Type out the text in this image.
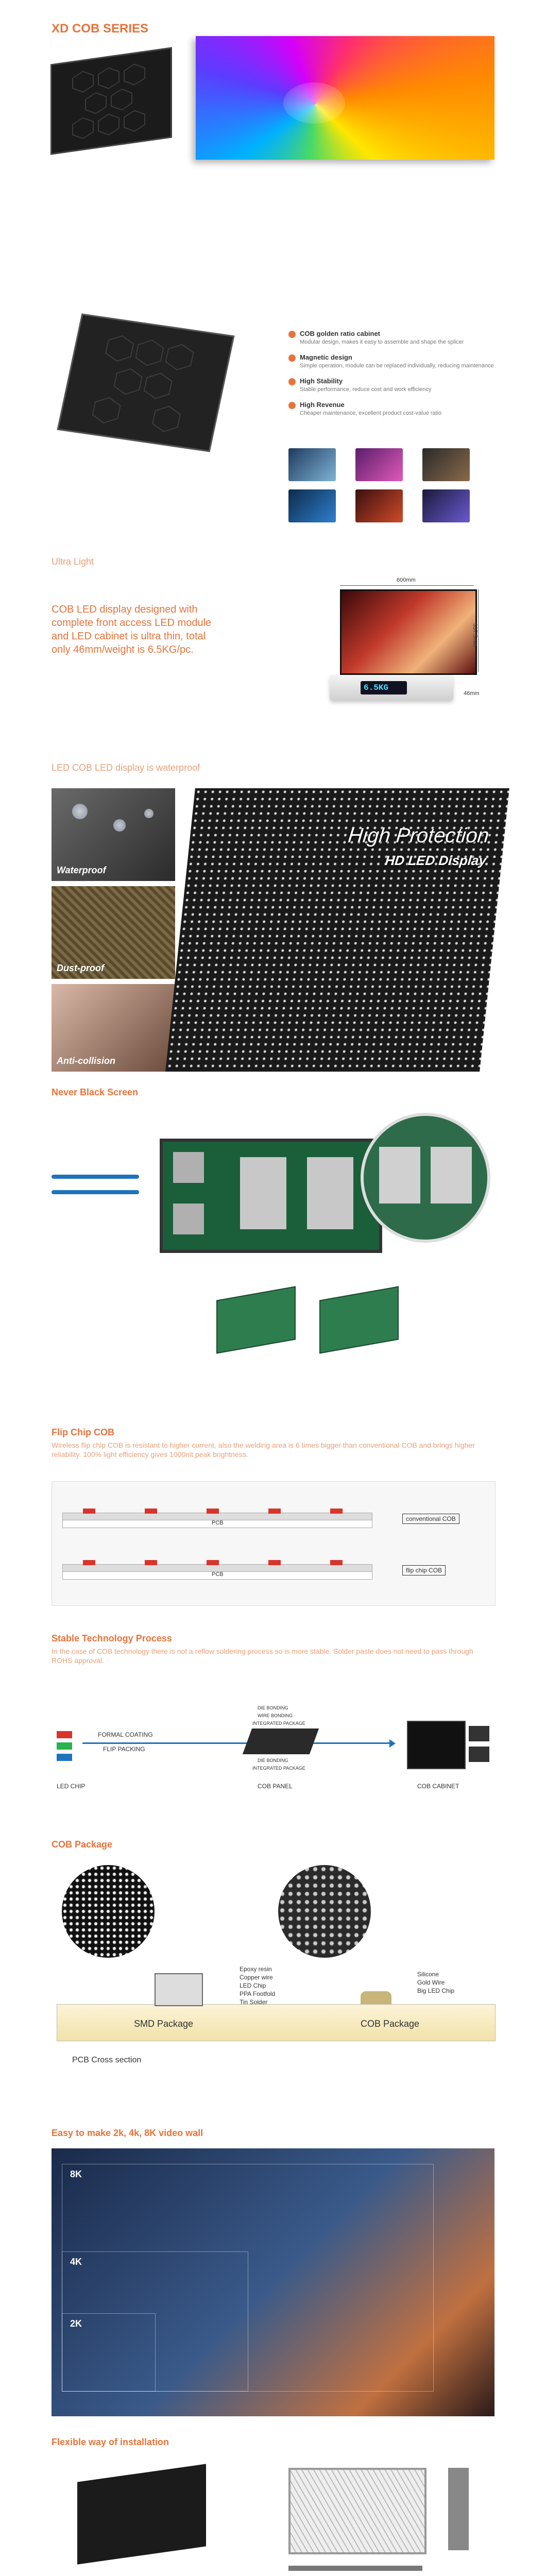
XD COB SERIES
COB golden ratio cabinet
Modular design, makes it easy to assemble and shape the splicer
Magnetic design
Simple operation, module can be replaced individually, reducing maintenance
High Stability
Stable performance, reduce cost and work efficiency
High Revenue
Cheaper maintenance, excellent product cost-value ratio
Ultra Light
COB LED display designed with complete front access LED module and LED cabinet is ultra thin, total only 46mm/weight is 6.5KG/pc.
600mm
337.5mm
6.5KG
46mm
LED COB LED display is waterproof
Waterproof
Dust-proof
Anti-collision
High Protection
HD LED Display
Never Black Screen
Flip Chip COB
Wireless flip chip COB is resistant to higher current, also the welding area is 6 times bigger than conventional COB and brings higher reliability. 100% light efficiency gives 1000nit peak brightness.
PCB
conventional COB
PCB
flip chip COB
Stable Technology Process
In the case of COB technology there is not a reflow soldering process so is more stable. Solder paste does not need to pass through ROHS approval.
FORMAL COATING
FLIP PACKING
DIE BONDING
WIRE BONDING
INTEGRATED PACKAGE
DIE BONDING
INTEGRATED PACKAGE
LED CHIP	COB PANEL	COB CABINET
COB Package
Epoxy resin
Copper wire
LED Chip
PPA Footfold
Tin Solder
Silicone
Gold Wire
Big LED Chip
SMD Package	COB Package
PCB Cross section
Easy to make 2k, 4k, 8K video wall
8K
4K
2K
Flexible way of installation
